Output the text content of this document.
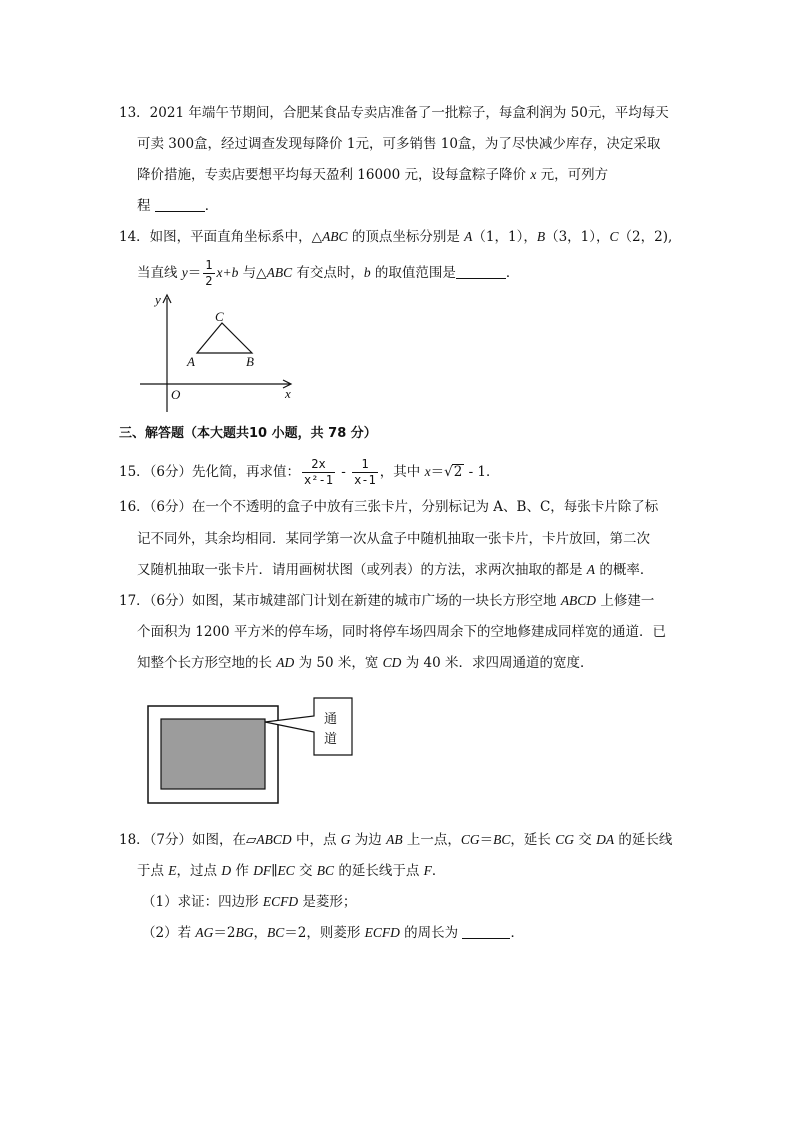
13．2021 年端午节期间，合肥某食品专卖店准备了一批粽子，每盒利润为 50元，平均每天
可卖 300盒，经过调查发现每降价 1元，可多销售 10盒，为了尽快减少库存，决定采取
降价措施，专卖店要想平均每天盈利 16000 元，设每盒粽子降价 x 元，可列方
程	．
14．如图，平面直角坐标系中，△ABC 的顶点坐标分别是 A（1，1），B（3，1），C（2，2),
当直线 $y= \frac{1}{2} x+b$ 与△ABC 有交点时，b 的取值范围是	．
y
x
O
A	B
C
三、解答题（本大题共10 小题，共 78 分）
15．（6分）先化简，再求值： $\frac{2x}{\text{x²-1}} - \frac{1}{x-1}$ ，其中 x＝√2 - 1．
16．（6分）在一个不透明的盒子中放有三张卡片，分别标记为 A、B、C，每张卡片除了标
记不同外，其余均相同．某同学第一次从盒子中随机抽取一张卡片，卡片放回，第二次
又随机抽取一张卡片．请用画树状图（或列表）的方法，求两次抽取的都是 A 的概率．
17．（6分）如图，某市城建部门计划在新建的城市广场的一块长方形空地 ABCD 上修建一
个面积为 1200 平方米的停车场，同时将停车场四周余下的空地修建成同样宽的通道．已
知整个长方形空地的长 AD 为 50 米，宽 CD 为 40 米．求四周通道的宽度．
通
道
18．（7分）如图，在▱ABCD 中，点 G 为边 AB 上一点，CG＝BC，延长 CG 交 DA 的延长线
于点 E，过点 D 作 DF∥EC 交 BC 的延长线于点 F．
（1）求证：四边形 ECFD 是菱形；
（2）若 AG＝2BG，BC＝2，则菱形 ECFD 的周长为	．
